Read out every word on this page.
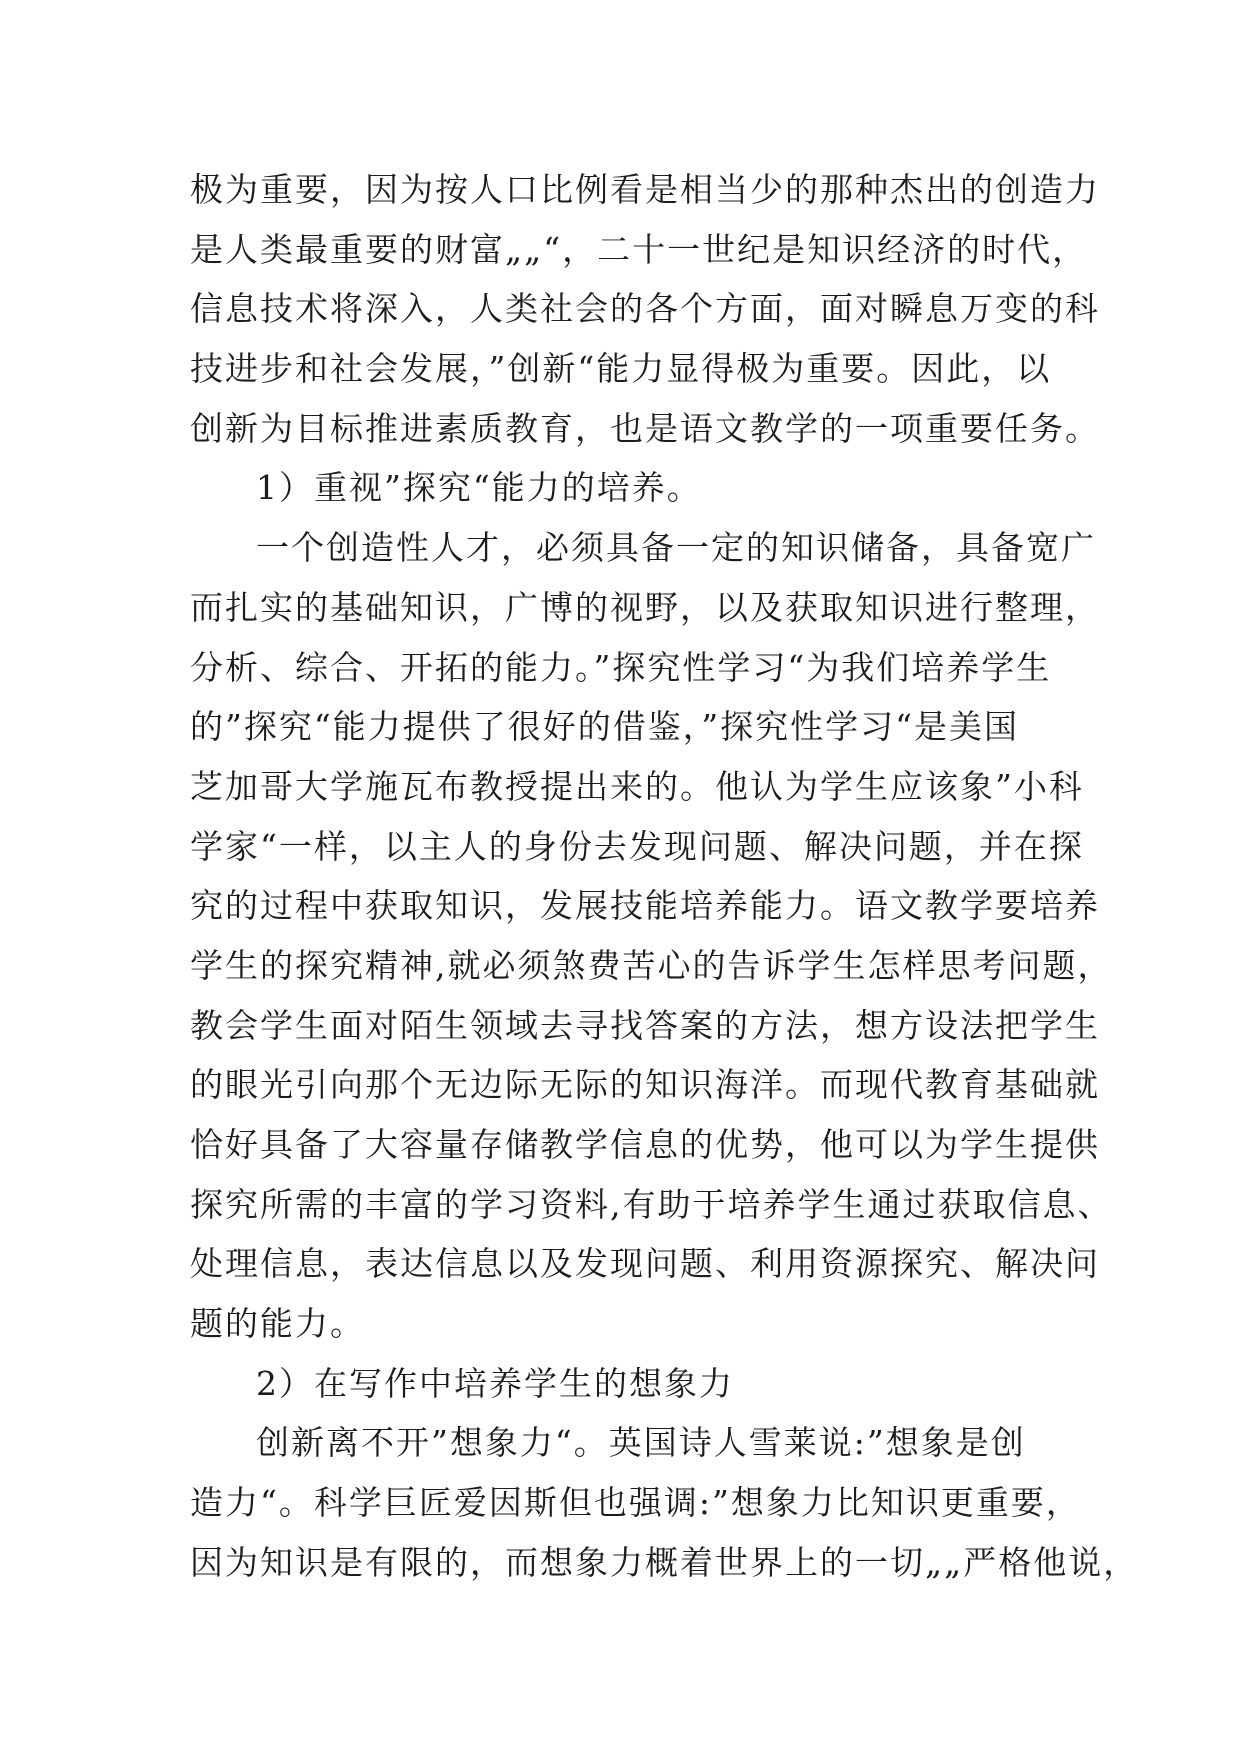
极为重要，因为按人口比例看是相当少的那种杰出的创造力
是人类最重要的财富„„“，二十一世纪是知识经济的时代，
信息技术将深入，人类社会的各个方面，面对瞬息万变的科
技进步和社会发展，”创新“能力显得极为重要。因此，以
创新为目标推进素质教育，也是语文教学的一项重要任务。
1）重视”探究“能力的培养。
一个创造性人才，必须具备一定的知识储备，具备宽广
而扎实的基础知识，广博的视野，以及获取知识进行整理，
分析、综合、开拓的能力。”探究性学习“为我们培养学生
的”探究“能力提供了很好的借鉴，”探究性学习“是美国
芝加哥大学施瓦布教授提出来的。他认为学生应该象”小科
学家“一样，以主人的身份去发现问题、解决问题，并在探
究的过程中获取知识，发展技能培养能力。语文教学要培养
学生的探究精神,就必须煞费苦心的告诉学生怎样思考问题，
教会学生面对陌生领域去寻找答案的方法，想方设法把学生
的眼光引向那个无边际无际的知识海洋。而现代教育基础就
恰好具备了大容量存储教学信息的优势，他可以为学生提供
探究所需的丰富的学习资料,有助于培养学生通过获取信息、
处理信息，表达信息以及发现问题、利用资源探究、解决问
题的能力。
2）在写作中培养学生的想象力
创新离不开”想象力“。英国诗人雪莱说:”想象是创
造力“。科学巨匠爱因斯但也强调:”想象力比知识更重要，
因为知识是有限的，而想象力概着世界上的一切„„严格他说，
